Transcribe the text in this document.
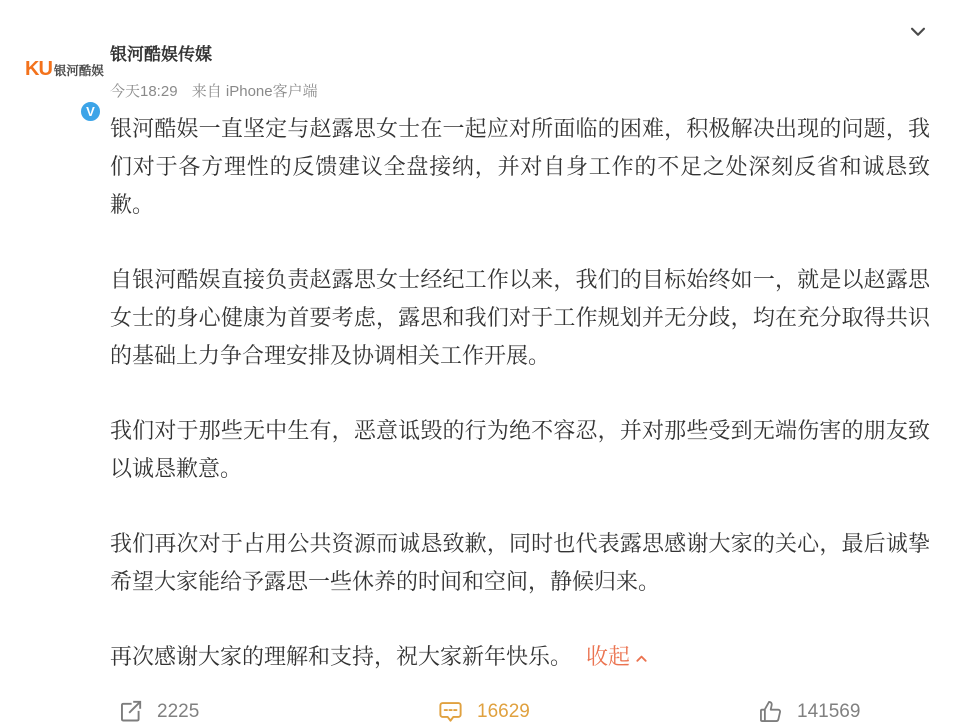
KU 银河酷娱
V
银河酷娱传媒
今天18:29 来自 iPhone客户端

银河酷娱一直坚定与赵露思女士在一起应对所面临的困难，积极解决出现的问题，我们对于各方理性的反馈建议全盘接纳，并对自身工作的不足之处深刻反省和诚恳致歉。

自银河酷娱直接负责赵露思女士经纪工作以来，我们的目标始终如一，就是以赵露思女士的身心健康为首要考虑，露思和我们对于工作规划并无分歧，均在充分取得共识的基础上力争合理安排及协调相关工作开展。

我们对于那些无中生有，恶意诋毁的行为绝不容忍，并对那些受到无端伤害的朋友致以诚恳歉意。

我们再次对于占用公共资源而诚恳致歉，同时也代表露思感谢大家的关心，最后诚挚希望大家能给予露思一些休养的时间和空间，静候归来。

再次感谢大家的理解和支持，祝大家新年快乐。 收起

2225	16629	141569
